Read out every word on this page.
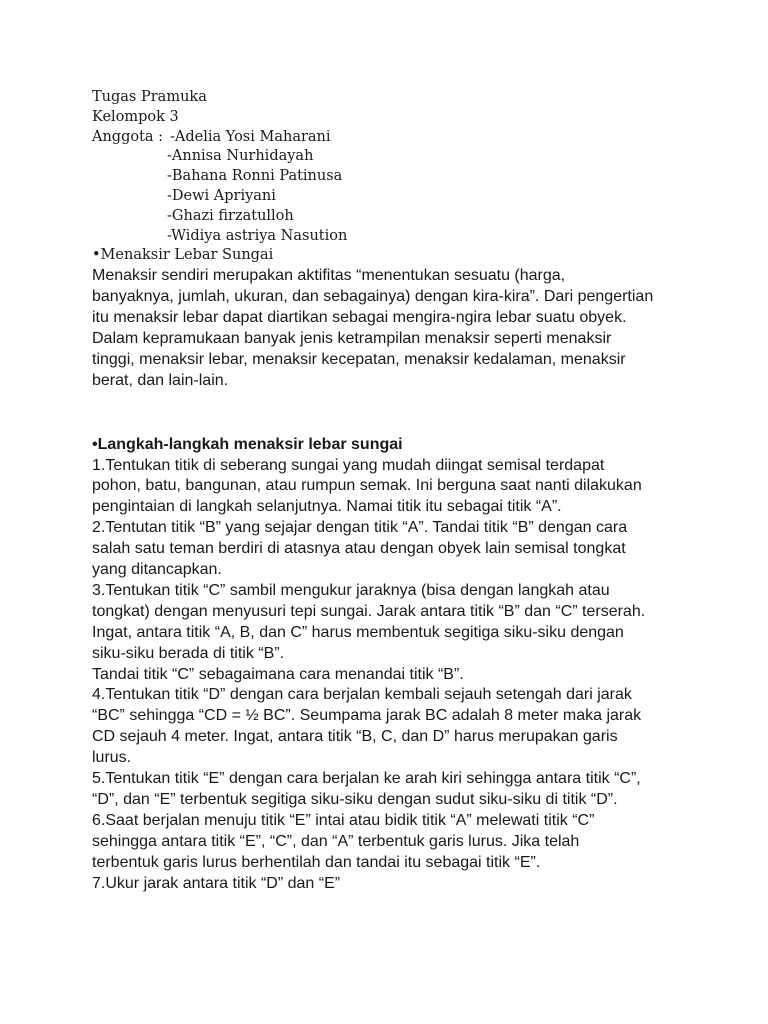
Tugas Pramuka
Kelompok 3
Anggota : -Adelia Yosi Maharani
-Annisa Nurhidayah
-Bahana Ronni Patinusa
-Dewi Apriyani
-Ghazi firzatulloh
-Widiya astriya Nasution
•Menaksir Lebar Sungai
Menaksir sendiri merupakan aktifitas “menentukan sesuatu (harga,
banyaknya, jumlah, ukuran, dan sebagainya) dengan kira-kira”. Dari pengertian
itu menaksir lebar dapat diartikan sebagai mengira-ngira lebar suatu obyek.
Dalam kepramukaan banyak jenis ketrampilan menaksir seperti menaksir
tinggi, menaksir lebar, menaksir kecepatan, menaksir kedalaman, menaksir
berat, dan lain-lain.
•Langkah-langkah menaksir lebar sungai
1.Tentukan titik di seberang sungai yang mudah diingat semisal terdapat
pohon, batu, bangunan, atau rumpun semak. Ini berguna saat nanti dilakukan
pengintaian di langkah selanjutnya. Namai titik itu sebagai titik “A”.
2.Tentutan titik “B” yang sejajar dengan titik “A”. Tandai titik “B” dengan cara
salah satu teman berdiri di atasnya atau dengan obyek lain semisal tongkat
yang ditancapkan.
3.Tentukan titik “C” sambil mengukur jaraknya (bisa dengan langkah atau
tongkat) dengan menyusuri tepi sungai. Jarak antara titik “B” dan “C” terserah.
Ingat, antara titik “A, B, dan C” harus membentuk segitiga siku-siku dengan
siku-siku berada di titik “B”.
Tandai titik “C” sebagaimana cara menandai titik “B”.
4.Tentukan titik “D” dengan cara berjalan kembali sejauh setengah dari jarak
“BC” sehingga “CD = ½ BC”. Seumpama jarak BC adalah 8 meter maka jarak
CD sejauh 4 meter. Ingat, antara titik “B, C, dan D” harus merupakan garis
lurus.
5.Tentukan titik “E” dengan cara berjalan ke arah kiri sehingga antara titik “C”,
“D”, dan “E” terbentuk segitiga siku-siku dengan sudut siku-siku di titik “D”.
6.Saat berjalan menuju titik “E” intai atau bidik titik “A” melewati titik “C”
sehingga antara titik “E”, “C”, dan “A” terbentuk garis lurus. Jika telah
terbentuk garis lurus berhentilah dan tandai itu sebagai titik “E”.
7.Ukur jarak antara titik “D” dan “E”
